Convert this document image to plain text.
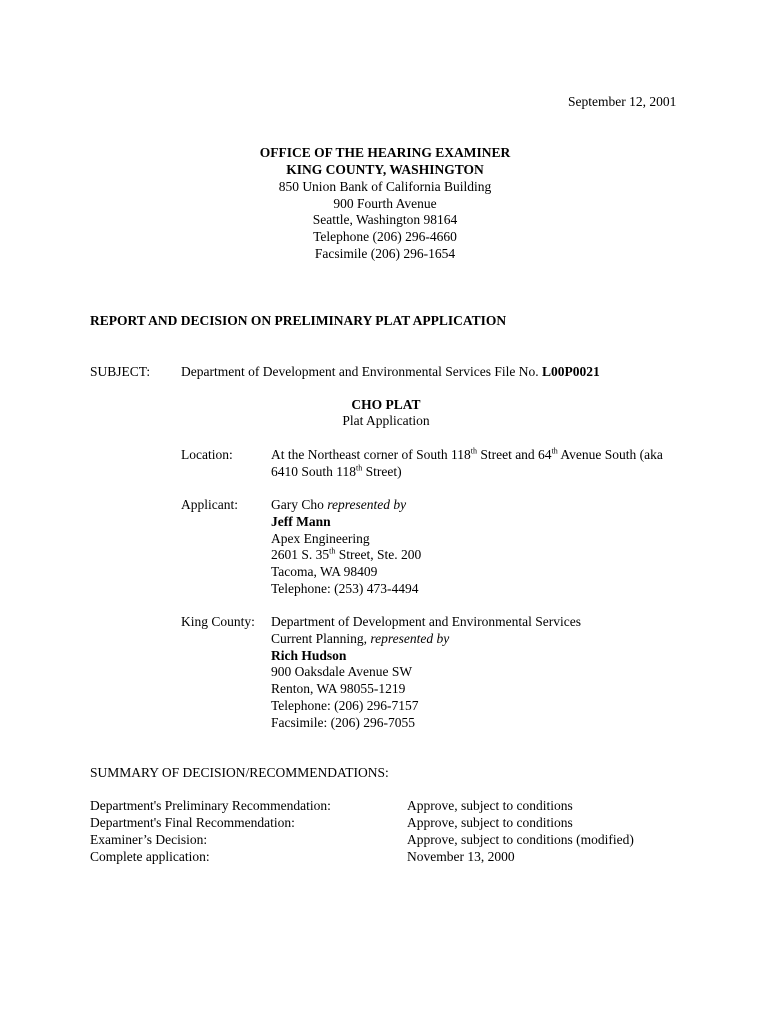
September 12, 2001
OFFICE OF THE HEARING EXAMINER
KING COUNTY, WASHINGTON
850 Union Bank of California Building
900 Fourth Avenue
Seattle, Washington 98164
Telephone (206) 296-4660
Facsimile (206) 296-1654
REPORT AND DECISION ON PRELIMINARY PLAT APPLICATION
SUBJECT: Department of Development and Environmental Services File No. L00P0021
CHO PLAT
Plat Application
Location:	At the Northeast corner of South 118th Street and 64th Avenue South (aka
6410 South 118th Street)
Applicant: Gary Cho represented by
Jeff Mann
Apex Engineering
2601 S. 35th Street, Ste. 200
Tacoma, WA 98409
Telephone: (253) 473-4494
King County: Department of Development and Environmental Services
Current Planning, represented by
Rich Hudson
900 Oaksdale Avenue SW
Renton, WA 98055-1219
Telephone: (206) 296-7157
Facsimile: (206) 296-7055
SUMMARY OF DECISION/RECOMMENDATIONS:
Department's Preliminary Recommendation:	Approve, subject to conditions
Department's Final Recommendation:	Approve, subject to conditions
Examiner’s Decision:	Approve, subject to conditions (modified)
Complete application:	November 13, 2000
